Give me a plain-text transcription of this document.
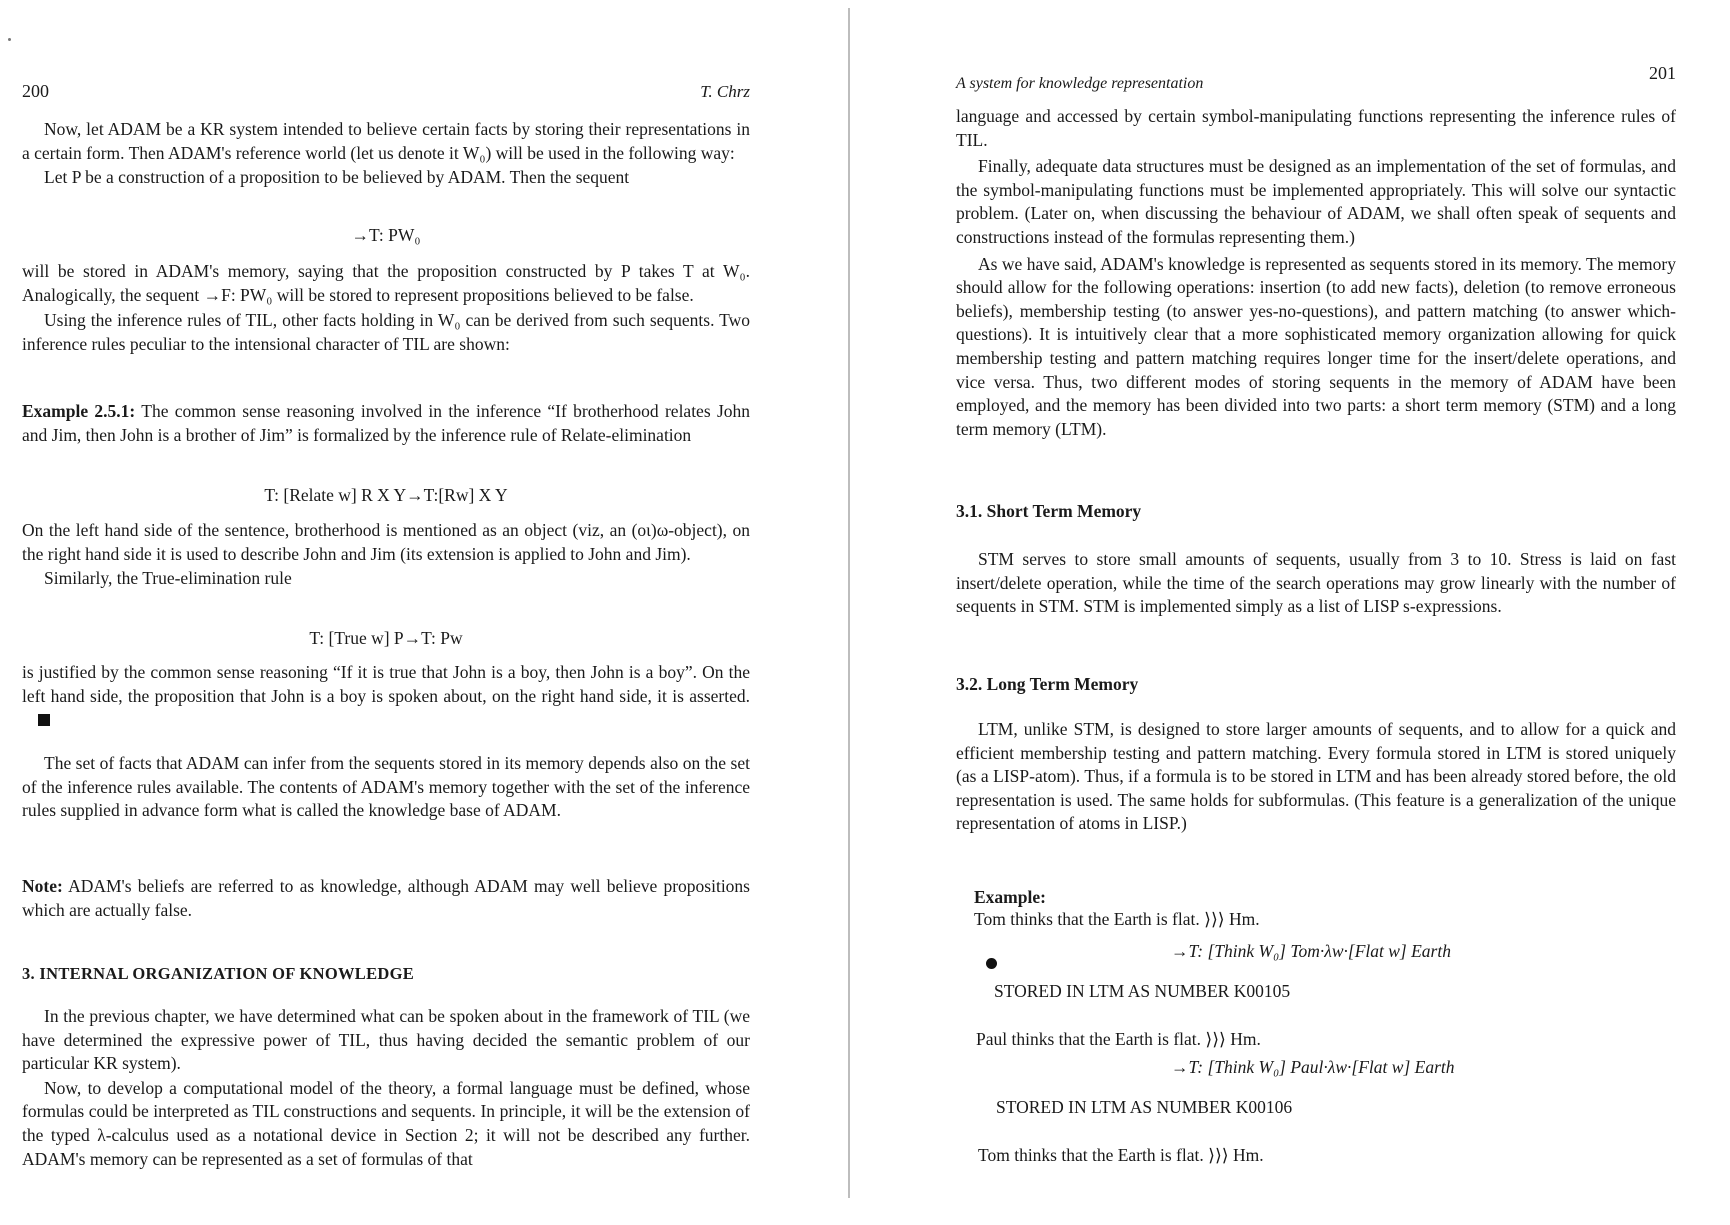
200	T. Chrz

Now, let ADAM be a KR system intended to believe certain facts by storing their representations in a certain form. Then ADAM's reference world (let us denote it W₀) will be used in the following way:

Let P be a construction of a proposition to be believed by ADAM. Then the sequent

→T: PW₀

will be stored in ADAM's memory, saying that the proposition constructed by P takes T at W₀. Analogically, the sequent →F: PW₀ will be stored to represent propositions believed to be false.

Using the inference rules of TIL, other facts holding in W₀ can be derived from such sequents. Two inference rules peculiar to the intensional character of TIL are shown:

Example 2.5.1: The common sense reasoning involved in the inference “If brotherhood relates John and Jim, then John is a brother of Jim” is formalized by the inference rule of Relate-elimination

T: [Relate w] R X Y→T:[Rw] X Y

On the left hand side of the sentence, brotherhood is mentioned as an object (viz, an (oι)ω-object), on the right hand side it is used to describe John and Jim (its extension is applied to John and Jim).

Similarly, the True-elimination rule

T: [True w] P→T: Pw

is justified by the common sense reasoning “If it is true that John is a boy, then John is a boy”. On the left hand side, the proposition that John is a boy is spoken about, on the right hand side, it is asserted.

The set of facts that ADAM can infer from the sequents stored in its memory depends also on the set of the inference rules available. The contents of ADAM's memory together with the set of the inference rules supplied in advance form what is called the knowledge base of ADAM.

Note: ADAM's beliefs are referred to as knowledge, although ADAM may well believe propositions which are actually false.

3. INTERNAL ORGANIZATION OF KNOWLEDGE

In the previous chapter, we have determined what can be spoken about in the framework of TIL (we have determined the expressive power of TIL, thus having decided the semantic problem of our particular KR system).

Now, to develop a computational model of the theory, a formal language must be defined, whose formulas could be interpreted as TIL constructions and sequents. In principle, it will be the extension of the typed λ-calculus used as a notational device in Section 2; it will not be described any further. ADAM's memory can be represented as a set of formulas of that

A system for knowledge representation
201

language and accessed by certain symbol-manipulating functions representing the inference rules of TIL.

Finally, adequate data structures must be designed as an implementation of the set of formulas, and the symbol-manipulating functions must be implemented appropriately. This will solve our syntactic problem. (Later on, when discussing the behaviour of ADAM, we shall often speak of sequents and constructions instead of the formulas representing them.)

As we have said, ADAM's knowledge is represented as sequents stored in its memory. The memory should allow for the following operations: insertion (to add new facts), deletion (to remove erroneous beliefs), membership testing (to answer yes-no-questions), and pattern matching (to answer which-questions). It is intuitively clear that a more sophisticated memory organization allowing for quick membership testing and pattern matching requires longer time for the insert/delete operations, and vice versa. Thus, two different modes of storing sequents in the memory of ADAM have been employed, and the memory has been divided into two parts: a short term memory (STM) and a long term memory (LTM).

3.1. Short Term Memory

STM serves to store small amounts of sequents, usually from 3 to 10. Stress is laid on fast insert/delete operation, while the time of the search operations may grow linearly with the number of sequents in STM. STM is implemented simply as a list of LISP s-expressions.

3.2. Long Term Memory

LTM, unlike STM, is designed to store larger amounts of sequents, and to allow for a quick and efficient membership testing and pattern matching. Every formula stored in LTM is stored uniquely (as a LISP-atom). Thus, if a formula is to be stored in LTM and has been already stored before, the old representation is used. The same holds for subformulas. (This feature is a generalization of the unique representation of atoms in LISP.)

Example:
Tom thinks that the Earth is flat. ⟩⟩⟩ Hm.
→T: [Think W₀] Tom·λw·[Flat w] Earth
STORED IN LTM AS NUMBER K00105
Paul thinks that the Earth is flat. ⟩⟩⟩ Hm.
→T: [Think W₀] Paul·λw·[Flat w] Earth
STORED IN LTM AS NUMBER K00106
Tom thinks that the Earth is flat. ⟩⟩⟩ Hm.
